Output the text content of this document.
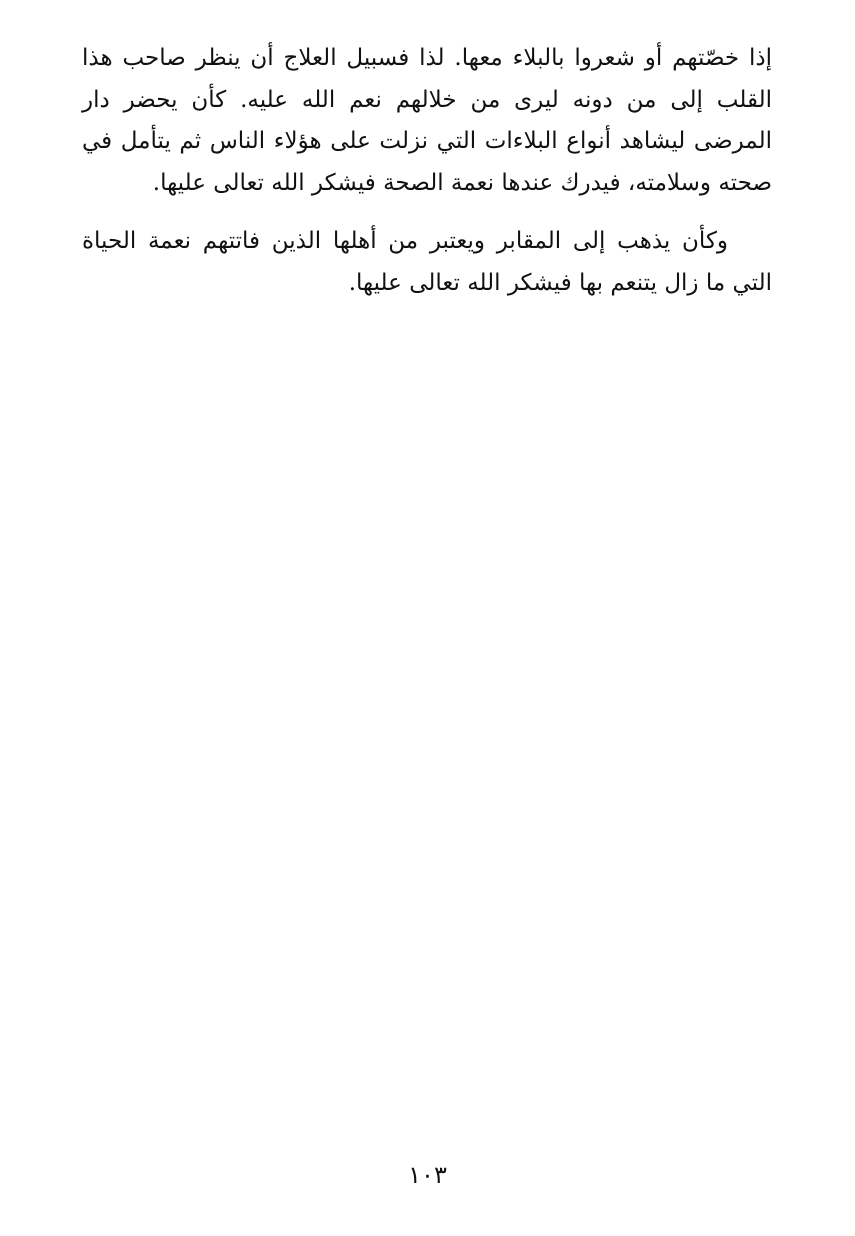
إذا خصّتهم أو شعروا بالبلاء معها. لذا فسبيل العلاج أن ينظر صاحب هذا القلب إلى من دونه ليرى من خلالهم نعم الله عليه. كأن يحضر دار المرضى ليشاهد أنواع البلاءات التي نزلت على هؤلاء الناس ثم يتأمل في صحته وسلامته، فيدرك عندها نعمة الصحة فيشكر الله تعالى عليها.

وكأن يذهب إلى المقابر ويعتبر من أهلها الذين فاتتهم نعمة الحياة التي ما زال يتنعم بها فيشكر الله تعالى عليها.

١٠٣
